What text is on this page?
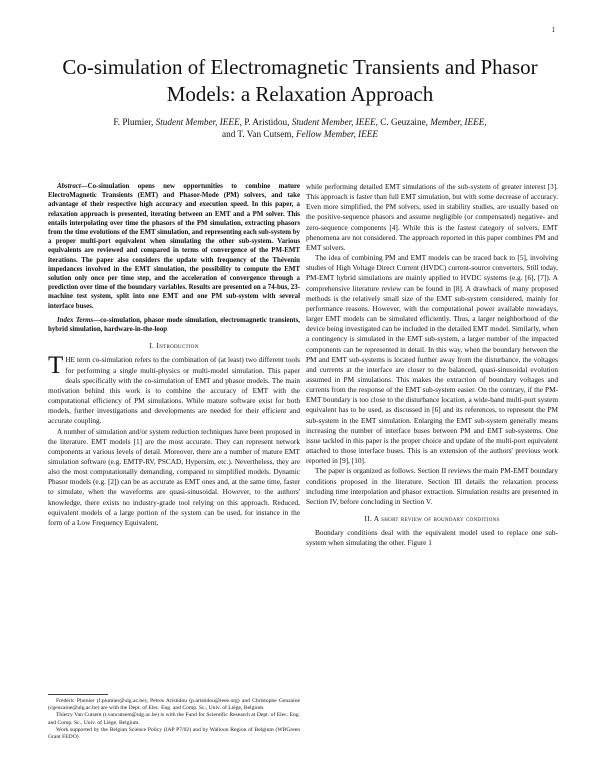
1
Co-simulation of Electromagnetic Transients and Phasor Models: a Relaxation Approach
F. Plumier, Student Member, IEEE, P. Aristidou, Student Member, IEEE, C. Geuzaine, Member, IEEE,
and T. Van Cutsem, Fellow Member, IEEE

Abstract—Co-simulation opens new opportunities to combine mature ElectroMagnetic Transients (EMT) and Phasor-Mode (PM) solvers, and take advantage of their respective high accuracy and execution speed. In this paper, a relaxation approach is presented, iterating between an EMT and a PM solver. This entails interpolating over time the phasors of the PM simulation, extracting phasors from the time evolutions of the EMT simulation, and representing each sub-system by a proper multi-port equivalent when simulating the other sub-system. Various equivalents are reviewed and compared in terms of convergence of the PM-EMT iterations. The paper also considers the update with frequency of the Thévenin impedances involved in the EMT simulation, the possibility to compute the EMT solution only once per time step, and the acceleration of convergence through a prediction over time of the boundary variables. Results are presented on a 74-bus, 23-machine test system, split into one EMT and one PM sub-system with several interface buses.

Index Terms—co-simulation, phasor mode simulation, electromagnetic transients, hybrid simulation, hardware-in-the-loop

I. Introduction

THE term co-simulation refers to the combination of (at least) two different tools for performing a single multi-physics or multi-model simulation. This paper deals specifically with the co-simulation of EMT and phasor models. The main motivation behind this work is to combine the accuracy of EMT with the computational efficiency of PM simulations. While mature software exist for both models, further investigations and developments are needed for their efficient and accurate coupling.

A number of simulation and/or system reduction techniques have been proposed in the literature. EMT models [1] are the most accurate. They can represent network components at various levels of detail. Moreover, there are a number of mature EMT simulation software (e.g. EMTP-RV, PSCAD, Hypersim, etc.). Nevertheless, they are also the most computationally demanding, compared to simplified models. Dynamic Phasor models (e.g. [2]) can be as accurate as EMT ones and, at the same time, faster to simulate, when the waveforms are quasi-sinusoidal. However, to the authors' knowledge, there exists no industry-grade tool relying on this approach. Reduced, equivalent models of a large portion of the system can be used, for instance in the form of a Low Frequency Equivalent,

Frédéric Plumier (f.plumier@ulg.ac.be), Petros Aristidou (p.aristidou@ieee.org) and Christophe Geuzaine (cgeuzaine@ulg.ac.be) are with the Dept. of Elec. Eng. and Comp. Sc., Univ. of Liège, Belgium.

Thierry Van Cutsem (t.vancutsem@ulg.ac.be) is with the Fund for Scientific Research at Dept. of Elec. Eng. and Comp. Sc., Univ. of Liège, Belgium.

Work supported by the Belgian Science Policy (IAP P7/02) and by Walloon Region of Belgium (WBGreen Grant FEDO)

while performing detailed EMT simulations of the sub-system of greater interest [3]. This approach is faster than full EMT simulation, but with some decrease of accuracy. Even more simplified, the PM solvers, used in stability studies, are usually based on the positive-sequence phasors and assume negligible (or compensated) negative- and zero-sequence components [4]. While this is the fastest category of solvers, EMT phenomena are not considered. The approach reported in this paper combines PM and EMT solvers.

The idea of combining PM and EMT models can be traced back to [5], involving studies of High Voltage Direct Current (HVDC) current-source converters. Still today, PM-EMT hybrid simulations are mainly applied to HVDC systems (e.g. [6], [7]). A comprehensive literature review can be found in [8]. A drawback of many proposed methods is the relatively small size of the EMT sub-system considered, mainly for performance reasons. However, with the computational power available nowadays, larger EMT models can be simulated efficiently. Thus, a larger neighborhood of the device being investigated can be included in the detailed EMT model. Similarly, when a contingency is simulated in the EMT sub-system, a larger number of the impacted components can be represented in detail. In this way, when the boundary between the PM and EMT sub-systems is located further away from the disturbance, the voltages and currents at the interface are closer to the balanced, quasi-sinusoidal evolution assumed in PM simulations. This makes the extraction of boundary voltages and currents from the response of the EMT sub-system easier. On the contrary, if the PM-EMT boundary is too close to the disturbance location, a wide-band multi-port system equivalent has to be used, as discussed in [6] and its references, to represent the PM sub-system in the EMT simulation. Enlarging the EMT sub-system generally means increasing the number of interface buses between PM and EMT sub-systems. One issue tackled in this paper is the proper choice and update of the multi-port equivalent attached to those interface buses. This is an extension of the authors' previous work reported in [9], [10].

The paper is organized as follows. Section II reviews the main PM-EMT boundary conditions proposed in the literature. Section III details the relaxation process including time interpolation and phasor extraction. Simulation results are presented in Section IV, before concluding in Section V.

II. A short review of boundary conditions

Boundary conditions deal with the equivalent model used to replace one sub-system when simulating the other. Figure 1
